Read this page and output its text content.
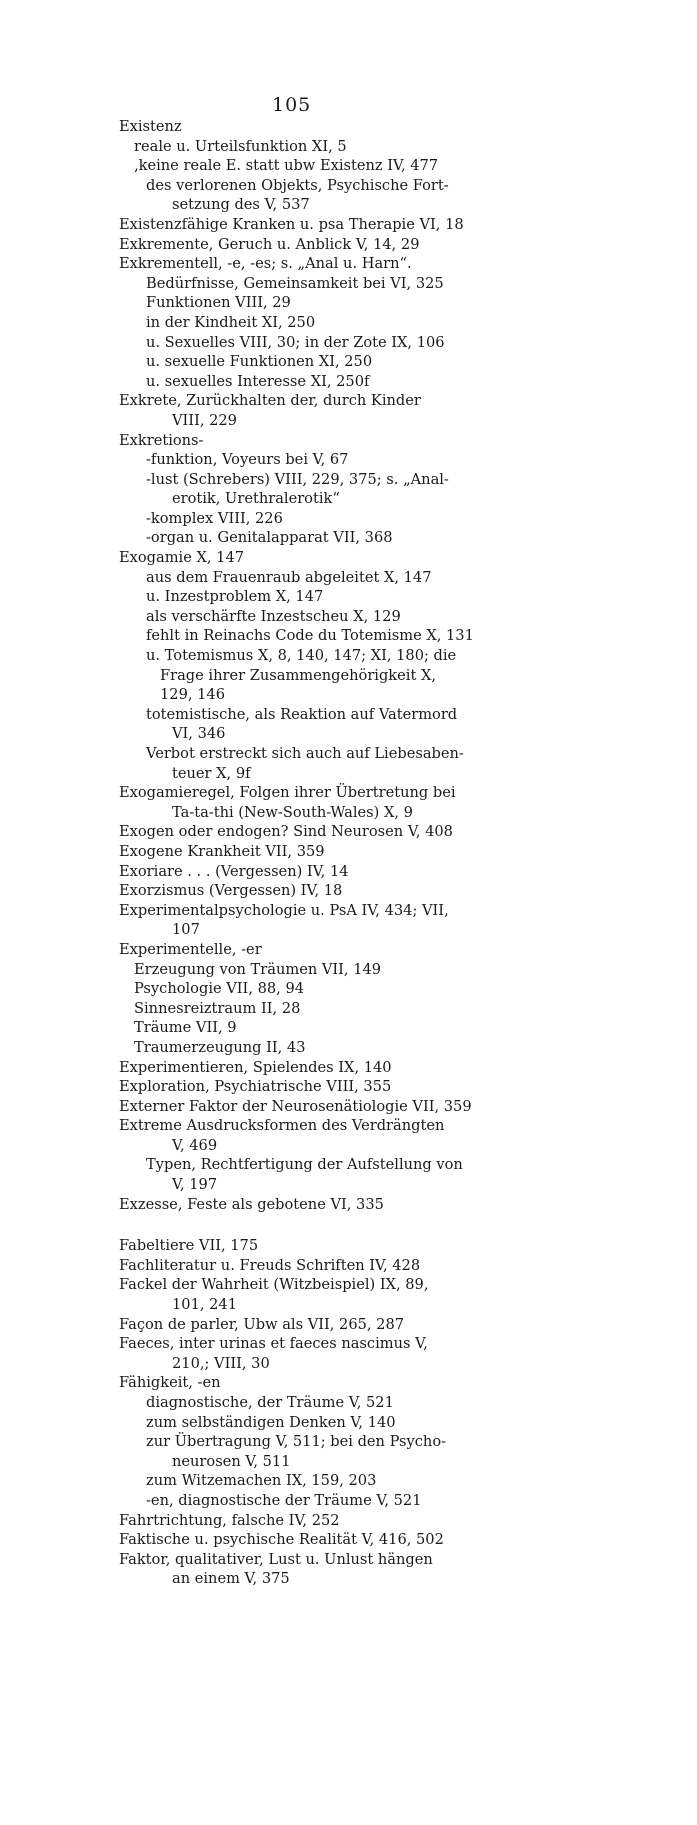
105
Existenz
reale u. Urteilsfunktion XI, 5
‚keine reale E. statt ubw Existenz IV, 477
des verlorenen Objekts, Psychische Fort-
setzung des V, 537
Existenzfähige Kranken u. psa Therapie VI, 18
Exkremente, Geruch u. Anblick V, 14, 29
Exkrementell, -e, -es; s. „Anal u. Harn“.
Bedürfnisse, Gemeinsamkeit bei VI, 325
Funktionen VIII, 29
in der Kindheit XI, 250
u. Sexuelles VIII, 30; in der Zote IX, 106
u. sexuelle Funktionen XI, 250
u. sexuelles Interesse XI, 250f
Exkrete, Zurückhalten der, durch Kinder
VIII, 229
Exkretions-
-funktion, Voyeurs bei V, 67
-lust (Schrebers) VIII, 229, 375; s. „Anal-
erotik, Urethralerotik“
-komplex VIII, 226
-organ u. Genitalapparat VII, 368
Exogamie X, 147
aus dem Frauenraub abgeleitet X, 147
u. Inzestproblem X, 147
als verschärfte Inzestscheu X, 129
fehlt in Reinachs Code du Totemisme X, 131
u. Totemismus X, 8, 140, 147; XI, 180; die
Frage ihrer Zusammengehörigkeit X,
129, 146
totemistische, als Reaktion auf Vatermord
VI, 346
Verbot erstreckt sich auch auf Liebesaben-
teuer X, 9f
Exogamieregel, Folgen ihrer Übertretung bei
Ta-ta-thi (New-South-Wales) X, 9
Exogen oder endogen? Sind Neurosen V, 408
Exogene Krankheit VII, 359
Exoriare . . . (Vergessen) IV, 14
Exorzismus (Vergessen) IV, 18
Experimentalpsychologie u. PsA IV, 434; VII,
107
Experimentelle, -er
Erzeugung von Träumen VII, 149
Psychologie VII, 88, 94
Sinnesreiztraum II, 28
Träume VII, 9
Traumerzeugung II, 43
Experimentieren, Spielendes IX, 140
Exploration, Psychiatrische VIII, 355
Externer Faktor der Neurosenätiologie VII, 359
Extreme Ausdrucksformen des Verdrängten
V, 469
Typen, Rechtfertigung der Aufstellung von
V, 197
Exzesse, Feste als gebotene VI, 335
Fabeltiere VII, 175
Fachliteratur u. Freuds Schriften IV, 428
Fackel der Wahrheit (Witzbeispiel) IX, 89,
101, 241
Façon de parler, Ubw als VII, 265, 287
Faeces, inter urinas et faeces nascimus V,
210,; VIII, 30
Fähigkeit, -en
diagnostische, der Träume V, 521
zum selbständigen Denken V, 140
zur Übertragung V, 511; bei den Psycho-
neurosen V, 511
zum Witzemachen IX, 159, 203
-en, diagnostische der Träume V, 521
Fahrtrichtung, falsche IV, 252
Faktische u. psychische Realität V, 416, 502
Faktor, qualitativer, Lust u. Unlust hängen
an einem V, 375
